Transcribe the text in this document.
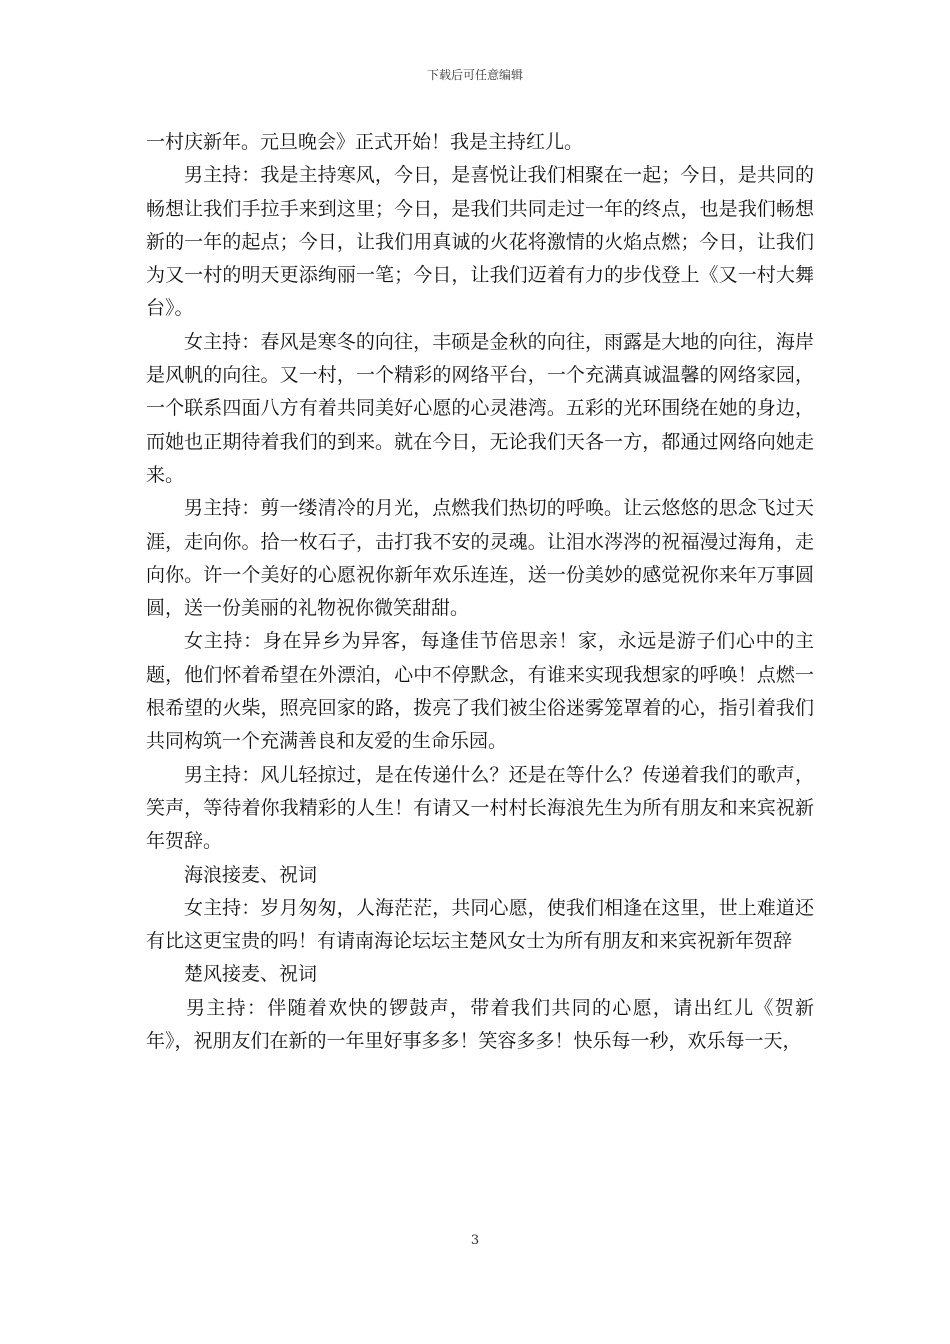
下载后可任意编辑

一村庆新年。元旦晚会》正式开始！我是主持红儿。

男主持：我是主持寒风，今日，是喜悦让我们相聚在一起；今日，是共同的畅想让我们手拉手来到这里；今日，是我们共同走过一年的终点，也是我们畅想新的一年的起点；今日，让我们用真诚的火花将激情的火焰点燃；今日，让我们为又一村的明天更添绚丽一笔；今日，让我们迈着有力的步伐登上《又一村大舞台》。

女主持：春风是寒冬的向往，丰硕是金秋的向往，雨露是大地的向往，海岸是风帆的向往。又一村，一个精彩的网络平台，一个充满真诚温馨的网络家园，一个联系四面八方有着共同美好心愿的心灵港湾。五彩的光环围绕在她的身边，而她也正期待着我们的到来。就在今日，无论我们天各一方，都通过网络向她走来。

男主持：剪一缕清冷的月光，点燃我们热切的呼唤。让云悠悠的思念飞过天涯，走向你。拾一枚石子，击打我不安的灵魂。让泪水涔涔的祝福漫过海角，走向你。许一个美好的心愿祝你新年欢乐连连，送一份美妙的感觉祝你来年万事圆圆，送一份美丽的礼物祝你微笑甜甜。

女主持：身在异乡为异客，每逢佳节倍思亲！家，永远是游子们心中的主题，他们怀着希望在外漂泊，心中不停默念，有谁来实现我想家的呼唤！点燃一根希望的火柴，照亮回家的路，拨亮了我们被尘俗迷雾笼罩着的心，指引着我们共同构筑一个充满善良和友爱的生命乐园。

男主持：风儿轻掠过，是在传递什么？还是在等什么？传递着我们的歌声，笑声，等待着你我精彩的人生！有请又一村村长海浪先生为所有朋友和来宾祝新年贺辞。

海浪接麦、祝词

女主持：岁月匆匆，人海茫茫，共同心愿，使我们相逢在这里，世上难道还有比这更宝贵的吗！有请南海论坛坛主楚风女士为所有朋友和来宾祝新年贺辞

楚风接麦、祝词

男主持：伴随着欢快的锣鼓声，带着我们共同的心愿，请出红儿《贺新年》，祝朋友们在新的一年里好事多多！笑容多多！快乐每一秒，欢乐每一天，

3
